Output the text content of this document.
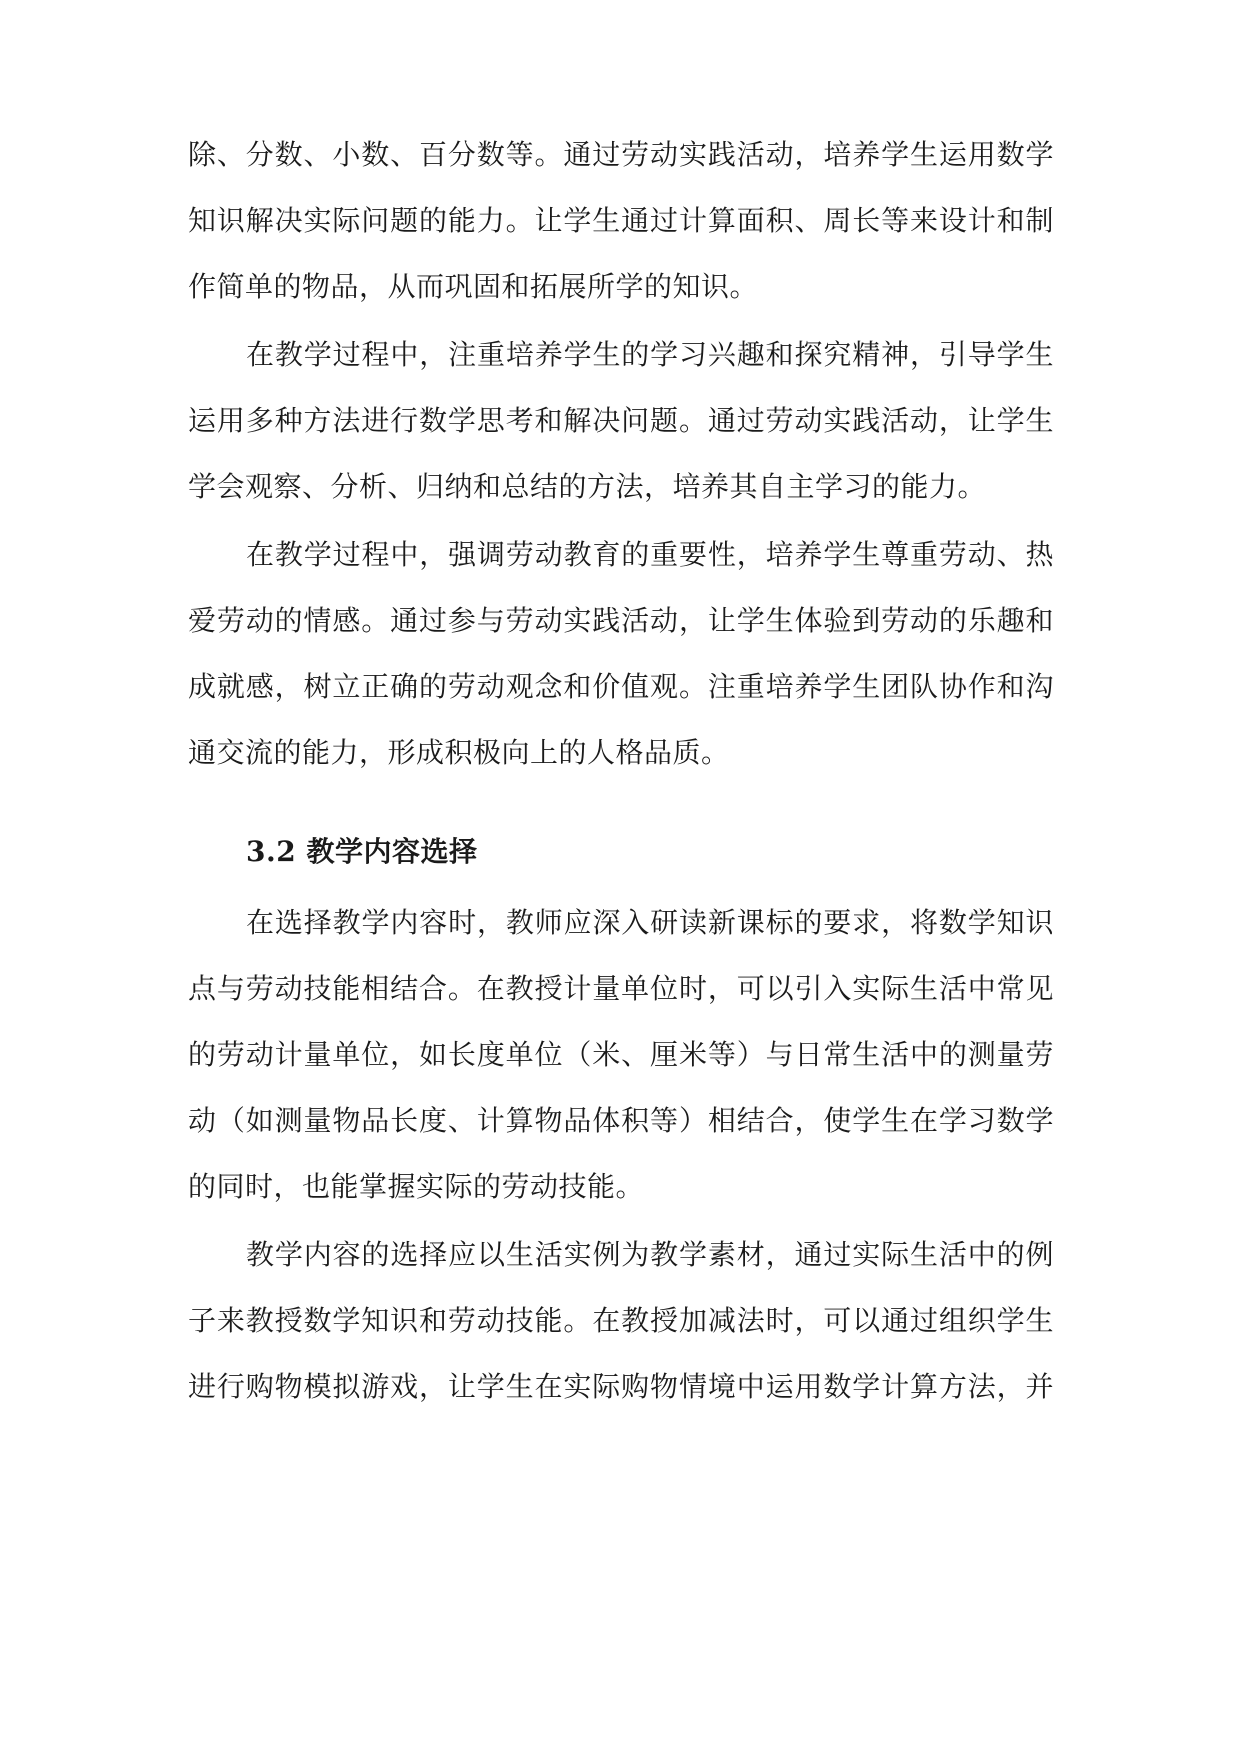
除、分数、小数、百分数等。通过劳动实践活动，培养学生运用数学
知识解决实际问题的能力。让学生通过计算面积、周长等来设计和制
作简单的物品，从而巩固和拓展所学的知识。
在教学过程中，注重培养学生的学习兴趣和探究精神，引导学生
运用多种方法进行数学思考和解决问题。通过劳动实践活动，让学生
学会观察、分析、归纳和总结的方法，培养其自主学习的能力。
在教学过程中，强调劳动教育的重要性，培养学生尊重劳动、热
爱劳动的情感。通过参与劳动实践活动，让学生体验到劳动的乐趣和
成就感，树立正确的劳动观念和价值观。注重培养学生团队协作和沟
通交流的能力，形成积极向上的人格品质。
3.2 教学内容选择
在选择教学内容时，教师应深入研读新课标的要求，将数学知识
点与劳动技能相结合。在教授计量单位时，可以引入实际生活中常见
的劳动计量单位，如长度单位（米、厘米等）与日常生活中的测量劳
动（如测量物品长度、计算物品体积等）相结合，使学生在学习数学
的同时，也能掌握实际的劳动技能。
教学内容的选择应以生活实例为教学素材，通过实际生活中的例
子来教授数学知识和劳动技能。在教授加减法时，可以通过组织学生
进行购物模拟游戏，让学生在实际购物情境中运用数学计算方法，并
